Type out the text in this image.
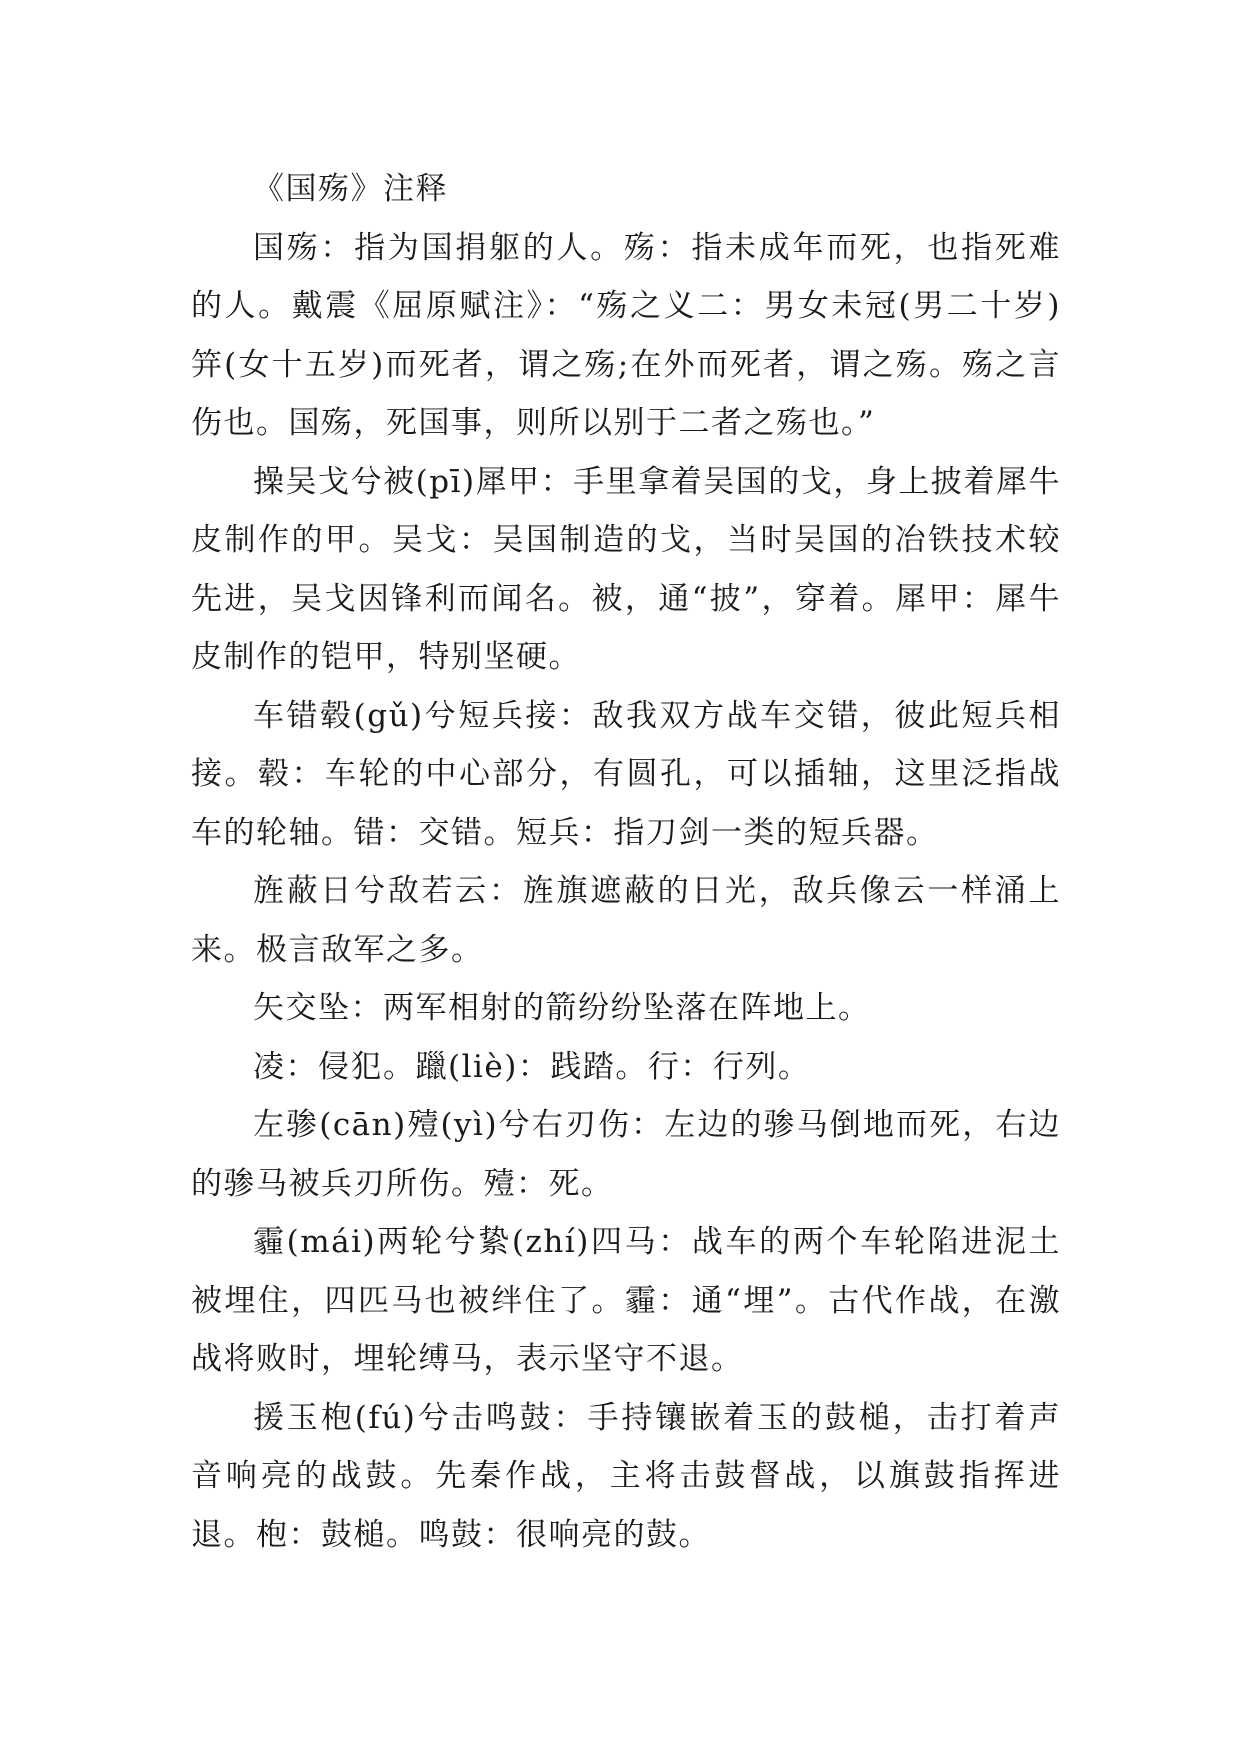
《国殇》注释

国殇：指为国捐躯的人。殇：指未成年而死，也指死难的人。戴震《屈原赋注》：“殇之义二：男女未冠(男二十岁)笄(女十五岁)而死者，谓之殇;在外而死者，谓之殇。殇之言伤也。国殇，死国事，则所以别于二者之殇也。”

操吴戈兮被(pī)犀甲：手里拿着吴国的戈，身上披着犀牛皮制作的甲。吴戈：吴国制造的戈，当时吴国的冶铁技术较先进，吴戈因锋利而闻名。被，通“披”，穿着。犀甲：犀牛皮制作的铠甲，特别坚硬。

车错毂(gǔ)兮短兵接：敌我双方战车交错，彼此短兵相接。毂：车轮的中心部分，有圆孔，可以插轴，这里泛指战车的轮轴。错：交错。短兵：指刀剑一类的短兵器。

旌蔽日兮敌若云：旌旗遮蔽的日光，敌兵像云一样涌上来。极言敌军之多。

矢交坠：两军相射的箭纷纷坠落在阵地上。

凌：侵犯。躐(liè)：践踏。行：行列。

左骖(cān)殪(yì)兮右刃伤：左边的骖马倒地而死，右边的骖马被兵刃所伤。殪：死。

霾(mái)两轮兮絷(zhí)四马：战车的两个车轮陷进泥土被埋住，四匹马也被绊住了。霾：通“埋”。古代作战，在激战将败时，埋轮缚马，表示坚守不退。

援玉枹(fú)兮击鸣鼓：手持镶嵌着玉的鼓槌，击打着声音响亮的战鼓。先秦作战，主将击鼓督战，以旗鼓指挥进退。枹：鼓槌。鸣鼓：很响亮的鼓。
